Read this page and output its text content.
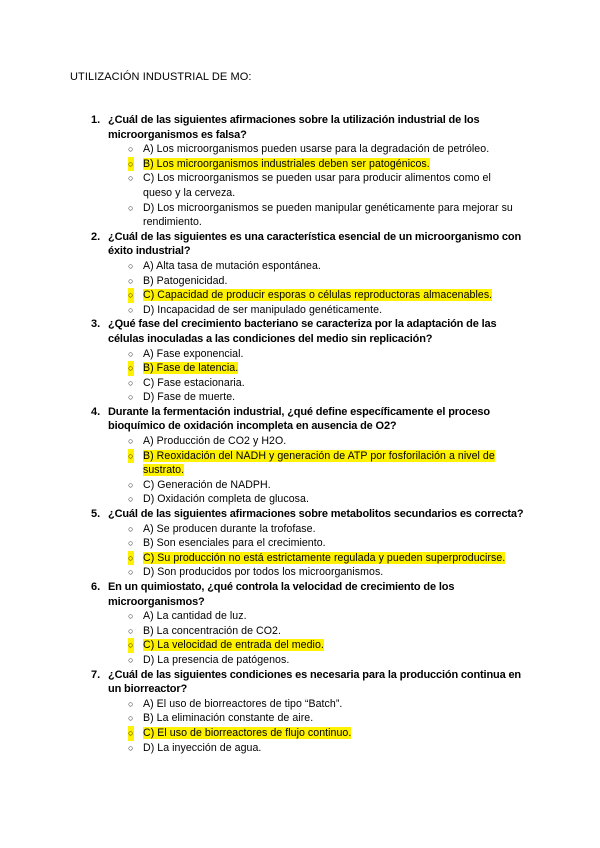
UTILIZACIÓN INDUSTRIAL DE MO:
1. ¿Cuál de las siguientes afirmaciones sobre la utilización industrial de los microorganismos es falsa?
○ A) Los microorganismos pueden usarse para la degradación de petróleo.
○ B) Los microorganismos industriales deben ser patogénicos.
○ C) Los microorganismos se pueden usar para producir alimentos como el queso y la cerveza.
○ D) Los microorganismos se pueden manipular genéticamente para mejorar su rendimiento.
2. ¿Cuál de las siguientes es una característica esencial de un microorganismo con éxito industrial?
○ A) Alta tasa de mutación espontánea.
○ B) Patogenicidad.
○ C) Capacidad de producir esporas o células reproductoras almacenables.
○ D) Incapacidad de ser manipulado genéticamente.
3. ¿Qué fase del crecimiento bacteriano se caracteriza por la adaptación de las células inoculadas a las condiciones del medio sin replicación?
○ A) Fase exponencial.
○ B) Fase de latencia.
○ C) Fase estacionaria.
○ D) Fase de muerte.
4. Durante la fermentación industrial, ¿qué define específicamente el proceso bioquímico de oxidación incompleta en ausencia de O2?
○ A) Producción de CO2 y H2O.
○ B) Reoxidación del NADH y generación de ATP por fosforilación a nivel de sustrato.
○ C) Generación de NADPH.
○ D) Oxidación completa de glucosa.
5. ¿Cuál de las siguientes afirmaciones sobre metabolitos secundarios es correcta?
○ A) Se producen durante la trofofase.
○ B) Son esenciales para el crecimiento.
○ C) Su producción no está estrictamente regulada y pueden superproducirse.
○ D) Son producidos por todos los microorganismos.
6. En un quimiostato, ¿qué controla la velocidad de crecimiento de los microorganismos?
○ A) La cantidad de luz.
○ B) La concentración de CO2.
○ C) La velocidad de entrada del medio.
○ D) La presencia de patógenos.
7. ¿Cuál de las siguientes condiciones es necesaria para la producción continua en un biorreactor?
○ A) El uso de biorreactores de tipo “Batch”.
○ B) La eliminación constante de aire.
○ C) El uso de biorreactores de flujo continuo.
○ D) La inyección de agua.
